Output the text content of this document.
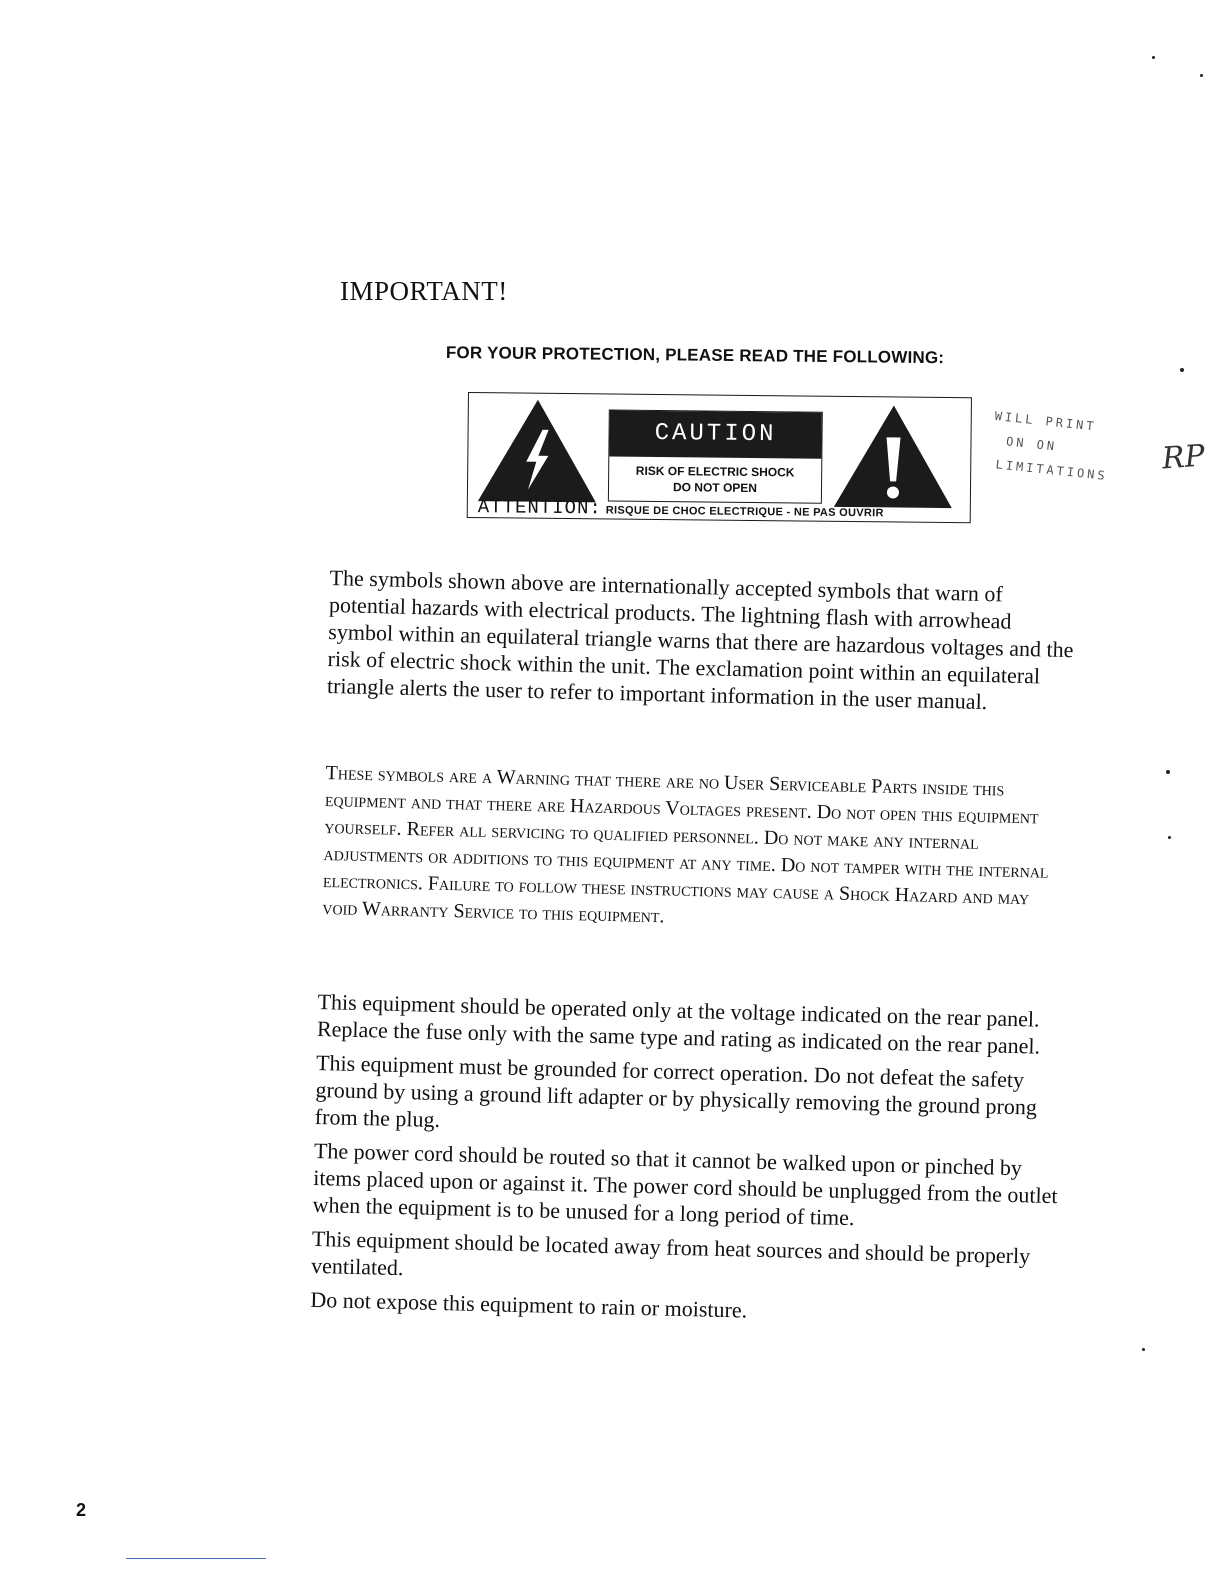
IMPORTANT!
FOR YOUR PROTECTION, PLEASE READ THE FOLLOWING:
CAUTION
RISK OF ELECTRIC SHOCK
DO NOT OPEN
ATTENTION: RISQUE DE CHOC ELECTRIQUE - NE PAS OUVRIR
WILL PRINT
ON ON
LIMITATIONS	RP

The symbols shown above are internationally accepted symbols that warn of potential hazards with electrical products. The lightning flash with arrowhead symbol within an equilateral triangle warns that there are hazardous voltages and the risk of electric shock within the unit. The exclamation point within an equilateral triangle alerts the user to refer to important information in the user manual.

These symbols are a Warning that there are no User Serviceable Parts inside this equipment and that there are Hazardous Voltages present. Do not open this equipment yourself. Refer all servicing to qualified personnel. Do not make any internal adjustments or additions to this equipment at any time. Do not tamper with the internal electronics. Failure to follow these instructions may cause a Shock Hazard and may void Warranty Service to this equipment.

This equipment should be operated only at the voltage indicated on the rear panel. Replace the fuse only with the same type and rating as indicated on the rear panel.

This equipment must be grounded for correct operation. Do not defeat the safety ground by using a ground lift adapter or by physically removing the ground prong from the plug.

The power cord should be routed so that it cannot be walked upon or pinched by items placed upon or against it. The power cord should be unplugged from the outlet when the equipment is to be unused for a long period of time.

This equipment should be located away from heat sources and should be properly ventilated.

Do not expose this equipment to rain or moisture.

2
